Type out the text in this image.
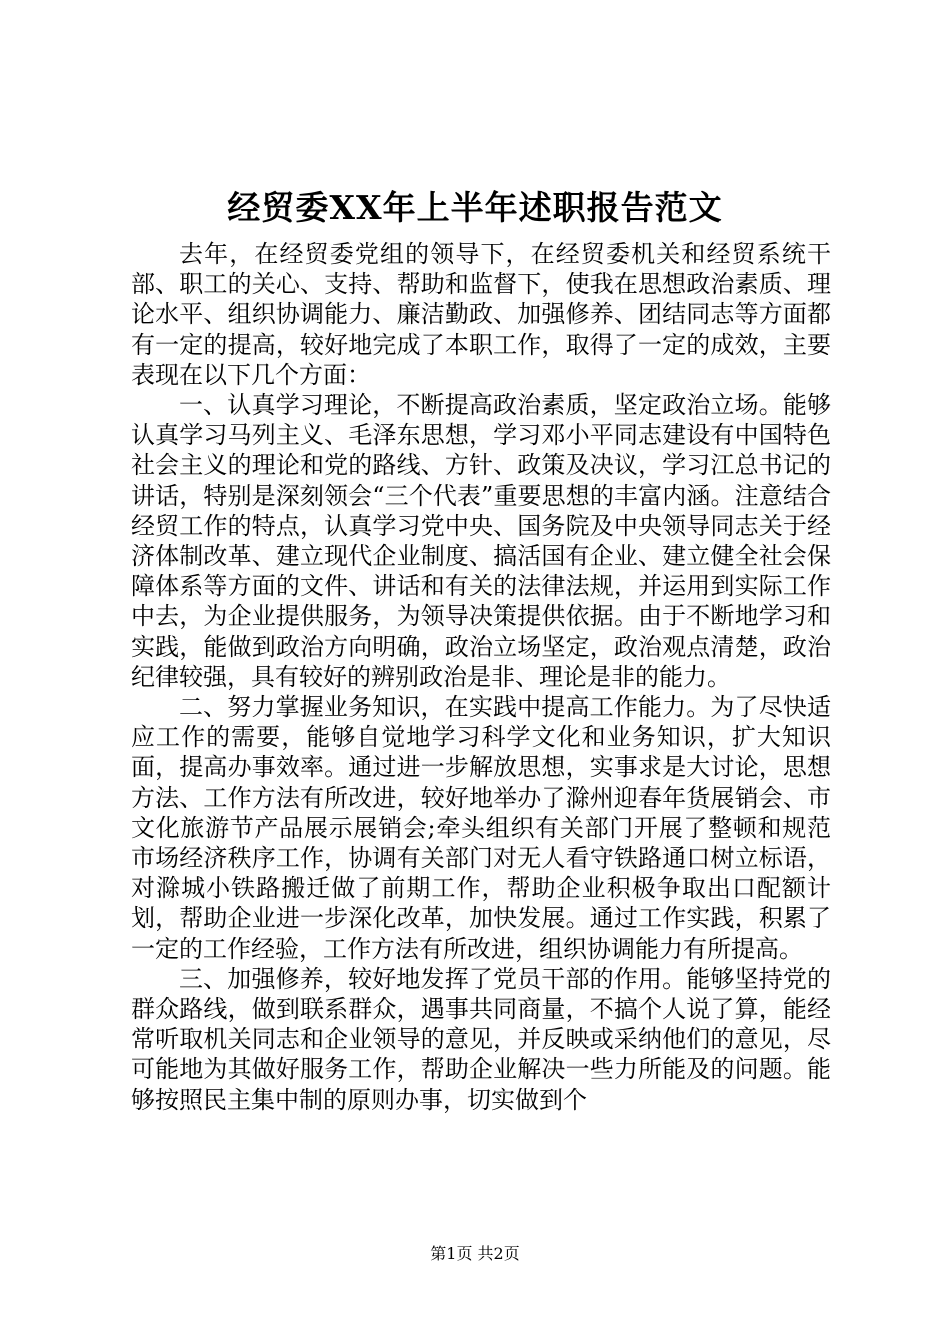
经贸委XX年上半年述职报告范文

去年，在经贸委党组的领导下，在经贸委机关和经贸系统干部、职工的关心、支持、帮助和监督下，使我在思想政治素质、理论水平、组织协调能力、廉洁勤政、加强修养、团结同志等方面都有一定的提高，较好地完成了本职工作，取得了一定的成效，主要表现在以下几个方面：

一、认真学习理论，不断提高政治素质，坚定政治立场。能够认真学习马列主义、毛泽东思想，学习邓小平同志建设有中国特色社会主义的理论和党的路线、方针、政策及决议，学习江总书记的讲话，特别是深刻领会“三个代表”重要思想的丰富内涵。注意结合经贸工作的特点，认真学习党中央、国务院及中央领导同志关于经济体制改革、建立现代企业制度、搞活国有企业、建立健全社会保障体系等方面的文件、讲话和有关的法律法规，并运用到实际工作中去，为企业提供服务，为领导决策提供依据。由于不断地学习和实践，能做到政治方向明确，政治立场坚定，政治观点清楚，政治纪律较强，具有较好的辨别政治是非、理论是非的能力。

二、努力掌握业务知识，在实践中提高工作能力。为了尽快适应工作的需要，能够自觉地学习科学文化和业务知识，扩大知识面，提高办事效率。通过进一步解放思想，实事求是大讨论，思想方法、工作方法有所改进，较好地举办了滁州迎春年货展销会、市文化旅游节产品展示展销会;牵头组织有关部门开展了整顿和规范市场经济秩序工作，协调有关部门对无人看守铁路通口树立标语，对滁城小铁路搬迁做了前期工作，帮助企业积极争取出口配额计划，帮助企业进一步深化改革，加快发展。通过工作实践，积累了一定的工作经验，工作方法有所改进，组织协调能力有所提高。

三、加强修养，较好地发挥了党员干部的作用。能够坚持党的群众路线，做到联系群众，遇事共同商量，不搞个人说了算，能经常听取机关同志和企业领导的意见，并反映或采纳他们的意见，尽可能地为其做好服务工作，帮助企业解决一些力所能及的问题。能够按照民主集中制的原则办事，切实做到个

第1页 共2页
